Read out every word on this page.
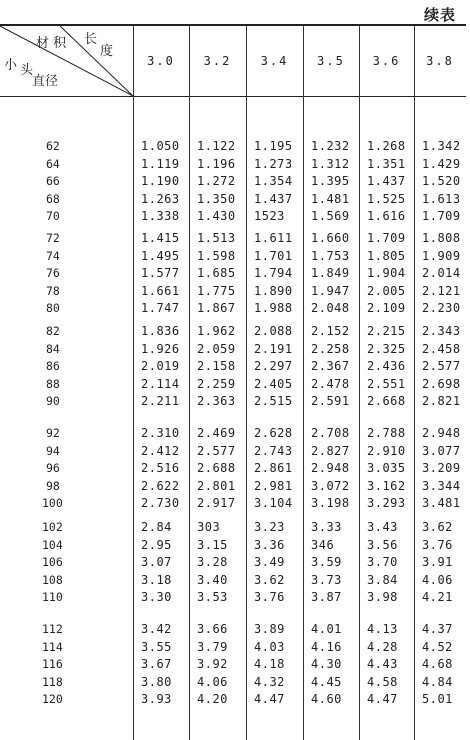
续表
长
材 积
度
小 头
直径
3.0	3.2	3.4	3.5	3.6	3.8
62	1.050 1.122 1.195 1.232 1.268 1.342
64	1.119 1.196 1.273 1.312 1.351 1.429
66	1.190 1.272 1.354 1.395 1.437 1.520
68	1.263 1.350 1.437 1.481 1.525 1.613
70	1.338 1.430 1523 1.569 1.616 1.709
72	1.415 1.513 1.611 1.660 1.709 1.808
74	1.495 1.598 1.701 1.753 1.805 1.909
76	1.577 1.685 1.794 1.849 1.904 2.014
78	1.661 1.775 1.890 1.947 2.005 2.121
80	1.747 1.867 1.988 2.048 2.109 2.230
82	1.836 1.962 2.088 2.152 2.215 2.343
84	1.926 2.059 2.191 2.258 2.325 2.458
86	2.019 2.158 2.297 2.367 2.436 2.577
88	2.114 2.259 2.405 2.478 2.551 2.698
90	2.211 2.363 2.515 2.591 2.668 2.821
92	2.310 2.469 2.628 2.708 2.788 2.948
94	2.412 2.577 2.743 2.827 2.910 3.077
96	2.516 2.688 2.861 2.948 3.035 3.209
98	2.622 2.801 2.981 3.072 3.162 3.344
100	2.730 2.917 3.104 3.198 3.293 3.481
102	2.84 303	3.23 3.33 3.43 3.62
104	2.95 3.15 3.36 346	3.56 3.76
106	3.07 3.28 3.49 3.59 3.70 3.91
108	3.18 3.40 3.62 3.73 3.84 4.06
110	3.30 3.53 3.76 3.87 3.98 4.21
112	3.42 3.66 3.89 4.01 4.13 4.37
114	3.55 3.79 4.03 4.16 4.28 4.52
116	3.67 3.92 4.18 4.30 4.43 4.68
118	3.80 4.06 4.32 4.45 4.58 4.84
120	3.93 4.20 4.47 4.60 4.47 5.01
